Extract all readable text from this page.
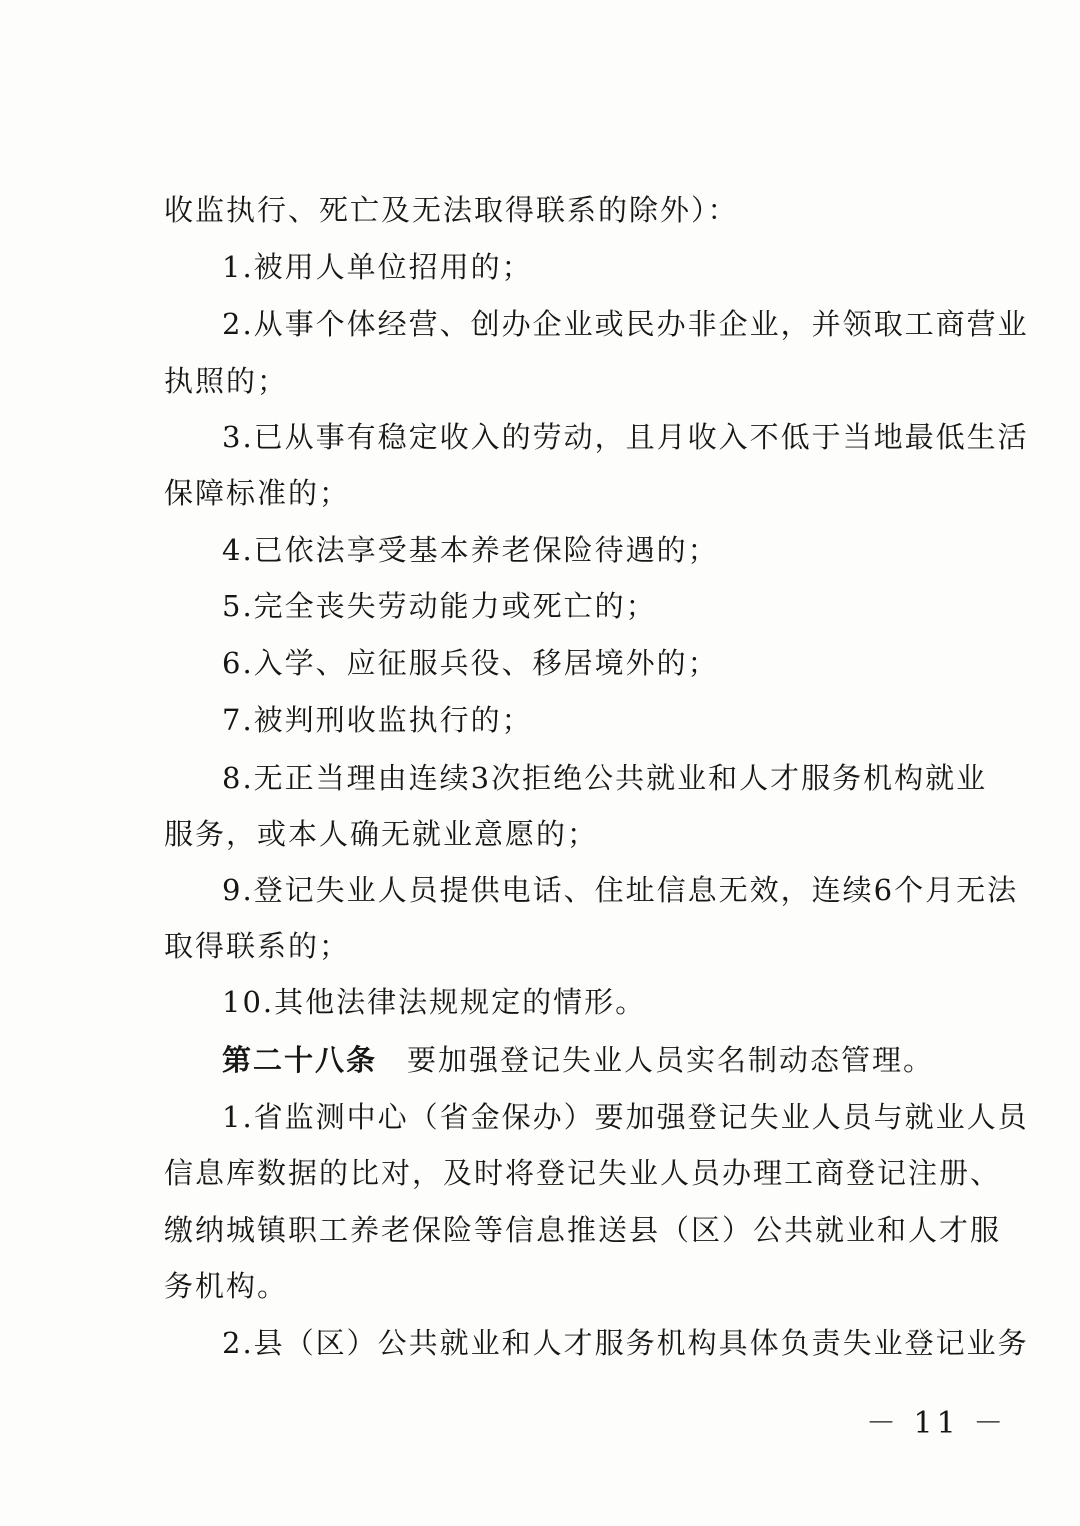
收监执行、死亡及无法取得联系的除外）：
1.被用人单位招用的；
2.从事个体经营、创办企业或民办非企业，并领取工商营业
执照的；
3.已从事有稳定收入的劳动，且月收入不低于当地最低生活
保障标准的；
4.已依法享受基本养老保险待遇的；
5.完全丧失劳动能力或死亡的；
6.入学、应征服兵役、移居境外的；
7.被判刑收监执行的；
8.无正当理由连续3次拒绝公共就业和人才服务机构就业
服务，或本人确无就业意愿的；
9.登记失业人员提供电话、住址信息无效，连续6个月无法
取得联系的；
10.其他法律法规规定的情形。
第二十八条 要加强登记失业人员实名制动态管理。
1.省监测中心（省金保办）要加强登记失业人员与就业人员
信息库数据的比对，及时将登记失业人员办理工商登记注册、
缴纳城镇职工养老保险等信息推送县（区）公共就业和人才服
务机构。
2.县（区）公共就业和人才服务机构具体负责失业登记业务
－ 11 －
